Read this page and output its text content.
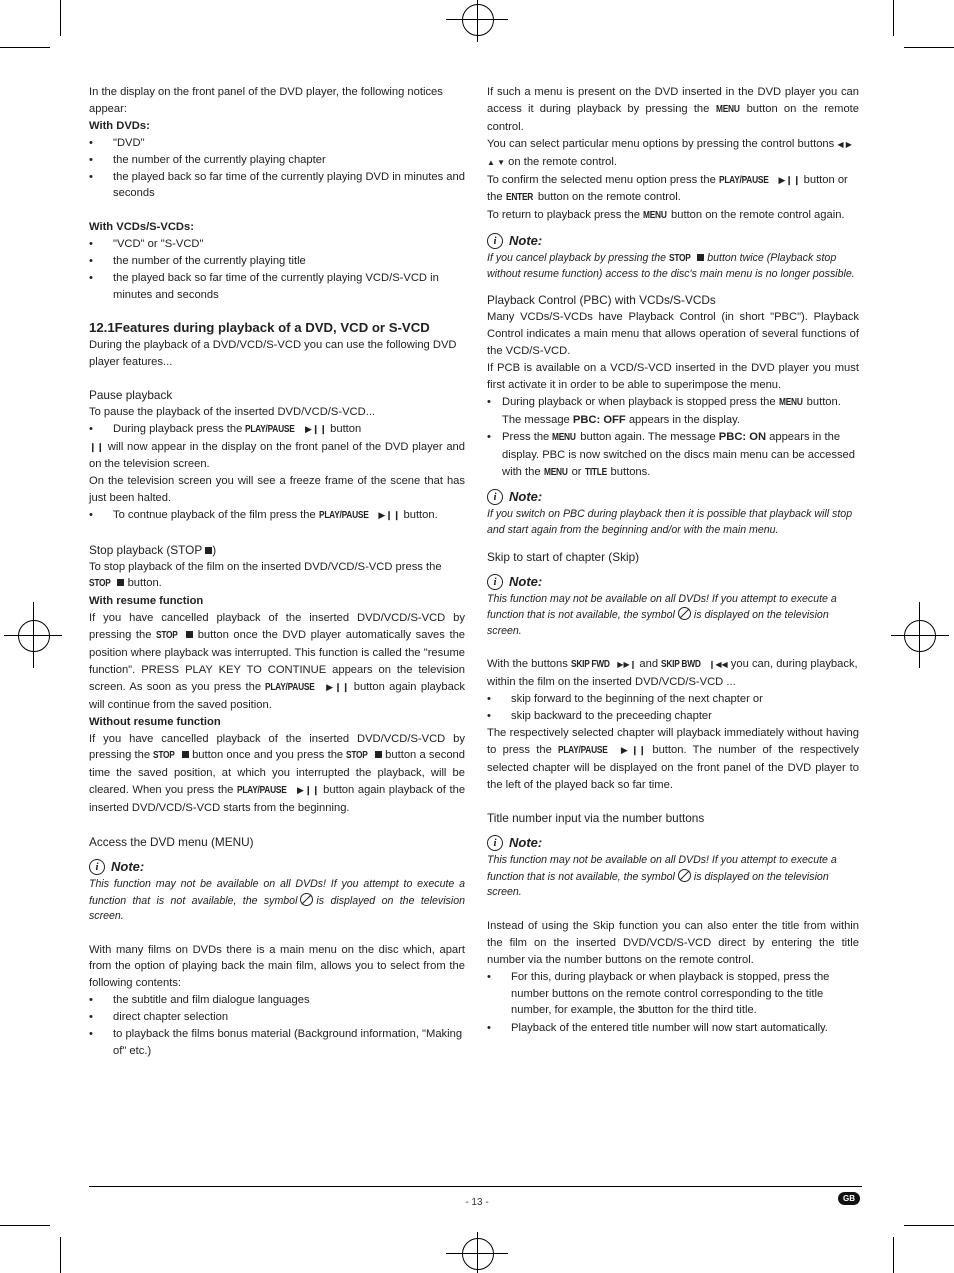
In the display on the front panel of the DVD player, the following notices appear:

With DVDs:

• "DVD"

• the number of the currently playing chapter

• the played back so far time of the currently playing DVD in minutes and seconds

With VCDs/S-VCDs:

• "VCD" or "S-VCD"

• the number of the currently playing title

• the played back so far time of the currently playing VCD/S-VCD in minutes and seconds

12.1Features during playback of a DVD, VCD or S-VCD

During the playback of a DVD/VCD/S-VCD you can use the following DVD player features...

Pause playback

To pause the playback of the inserted DVD/VCD/S-VCD...

• During playback press the PLAY/PAUSE ▶❙❙ button

❙❙ will now appear in the display on the front panel of the DVD player and on the television screen.

On the television screen you will see a freeze frame of the scene that has just been halted.

• To contnue playback of the film press the PLAY/PAUSE ▶❙❙ button.

Stop playback (STOP )

To stop playback of the film on the inserted DVD/VCD/S-VCD press the STOP button.

With resume function

If you have cancelled playback of the inserted DVD/VCD/S-VCD by pressing the STOP button once the DVD player automatically saves the position where playback was interrupted. This function is called the "resume function". PRESS PLAY KEY TO CONTINUE appears on the television screen. As soon as you press the PLAY/PAUSE ▶❙❙ button again playback will continue from the saved position.

Without resume function

If you have cancelled playback of the inserted DVD/VCD/S-VCD by pressing the STOP button once and you press the STOP button a second time the saved position, at which you interrupted the playback, will be cleared. When you press the PLAY/PAUSE ▶❙❙ button again playback of the inserted DVD/VCD/S-VCD starts from the beginning.

Access the DVD menu (MENU)

i Note:

This function may not be available on all DVDs! If you attempt to execute a function that is not available, the symbol is displayed on the television screen.

With many films on DVDs there is a main menu on the disc which, apart from the option of playing back the main film, allows you to select from the following contents:

• the subtitle and film dialogue languages

• direct chapter selection

• to playback the films bonus material (Background information, "Making of" etc.)

If such a menu is present on the DVD inserted in the DVD player you can access it during playback by pressing the MENU button on the remote control.

You can select particular menu options by pressing the control buttons ◀ ▶ ▲ ▼ on the remote control.

To confirm the selected menu option press the PLAY/PAUSE ▶❙❙ button or the ENTER button on the remote control.

To return to playback press the MENU button on the remote control again.

i Note:

If you cancel playback by pressing the STOP button twice (Playback stop without resume function) access to the disc's main menu is no longer possible.

Playback Control (PBC) with VCDs/S-VCDs

Many VCDs/S-VCDs have Playback Control (in short "PBC"). Playback Control indicates a main menu that allows operation of several functions of the VCD/S-VCD.

If PCB is available on a VCD/S-VCD inserted in the DVD player you must first activate it in order to be able to superimpose the menu.

• During playback or when playback is stopped press the MENU button.
The message PBC: OFF appears in the display.

• Press the MENU button again. The message PBC: ON appears in the display. PBC is now switched on the discs main menu can be accessed with the MENU or TITLE buttons.

i Note:

If you switch on PBC during playback then it is possible that playback will stop and start again from the beginning and/or with the main menu.

Skip to start of chapter (Skip)

i Note:

This function may not be available on all DVDs! If you attempt to execute a function that is not available, the symbol is displayed on the television screen.

With the buttons SKIP FWD ▶▶❙ and SKIP BWD ❙◀◀ you can, during playback, within the film on the inserted DVD/VCD/S-VCD ...

• skip forward to the beginning of the next chapter or

• skip backward to the preceeding chapter

The respectively selected chapter will playback immediately without having to press the PLAY/PAUSE ▶❙❙ button. The number of the respectively selected chapter will be displayed on the front panel of the DVD player to the left of the played back so far time.

Title number input via the number buttons

i Note:

This function may not be available on all DVDs! If you attempt to execute a function that is not available, the symbol is displayed on the television screen.

Instead of using the Skip function you can also enter the title from within the film on the inserted DVD/VCD/S-VCD direct by entering the title number via the number buttons on the remote control.

• For this, during playback or when playback is stopped, press the number buttons on the remote control corresponding to the title number, for example, the 3 button for the third title.

• Playback of the entered title number will now start automatically.

- 13 -	GB
